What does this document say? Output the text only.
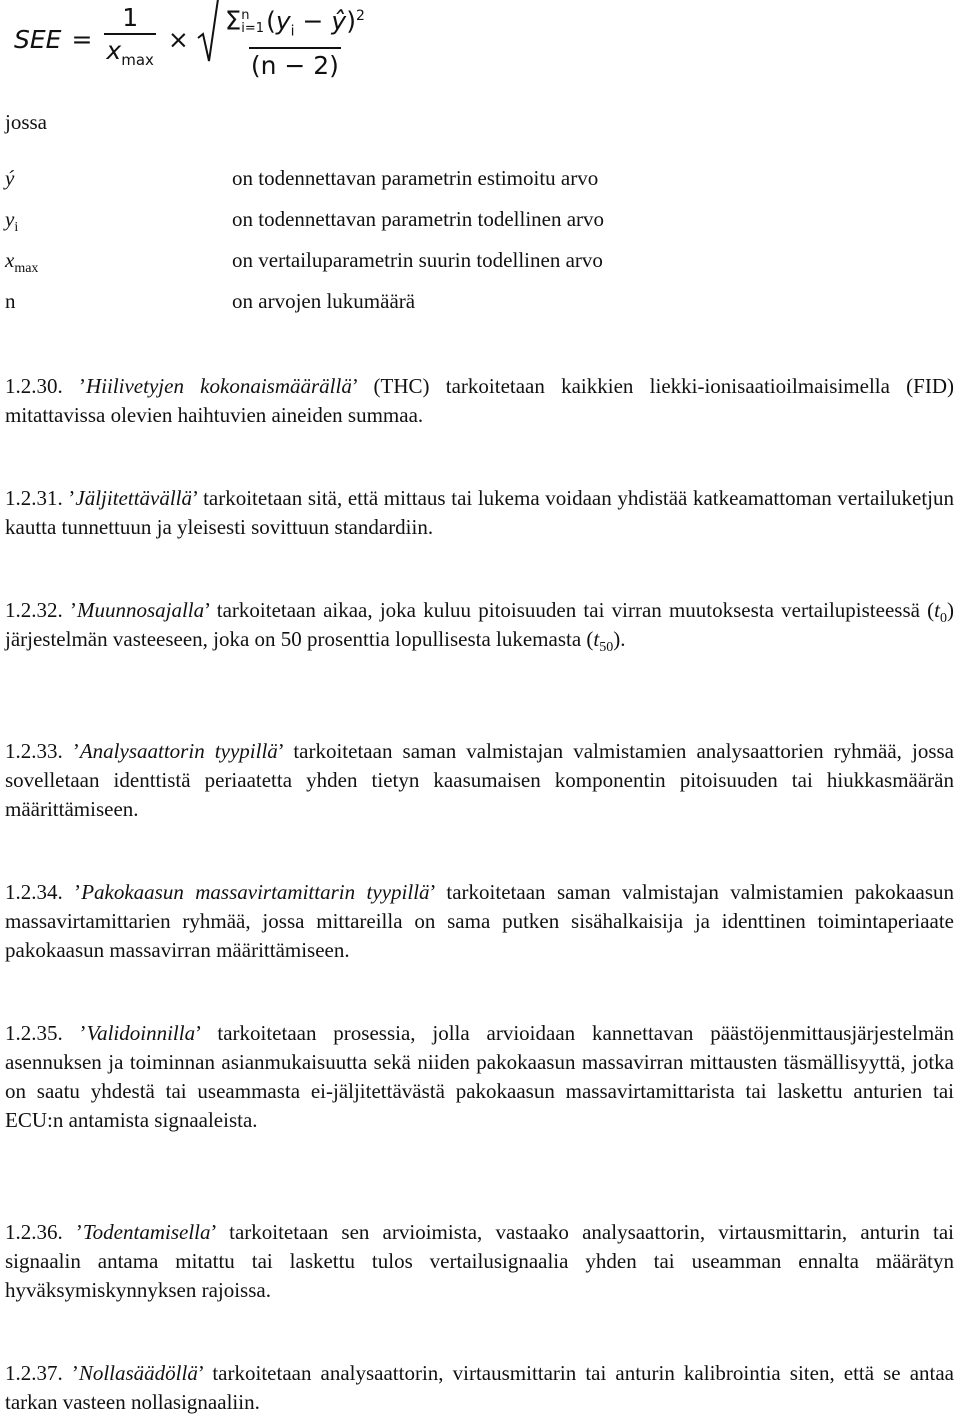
SEE = $\frac{1}{x_{max}} \times \Sigma$ n
i=1 ($y_i$ − ŷ)$^2$
(n − 2)
jossa
ý	on todennettavan parametrin estimoitu arvo
$y_i$	on todennettavan parametrin todellinen arvo
$x_{max}$	on vertailuparametrin suurin todellinen arvo
n	on arvojen lukumäärä
1.2.30. ’Hiilivetyjen kokonaismäärällä’ (THC) tarkoitetaan kaikkien liekki-ionisaatioilmaisimella (FID) mitattavissa olevien haihtuvien aineiden summaa.
1.2.31. ’Jäljitettävällä’ tarkoitetaan sitä, että mittaus tai lukema voidaan yhdistää katkeamattoman vertailuketjun kautta tunnettuun ja yleisesti sovittuun standardiin.
1.2.32. ’Muunnosajalla’ tarkoitetaan aikaa, joka kuluu pitoisuuden tai virran muutoksesta vertailupisteessä $(t_0)$ järjestelmän vasteeseen, joka on 50 prosenttia lopullisesta lukemasta $(t_{50})$.
1.2.33. ’Analysaattorin tyypillä’ tarkoitetaan saman valmistajan valmistamien analysaattorien ryhmää, jossa sovelletaan identtistä periaatetta yhden tietyn kaasumaisen komponentin pitoisuuden tai hiukkasmäärän määrittämiseen.
1.2.34. ’Pakokaasun massavirtamittarin tyypillä’ tarkoitetaan saman valmistajan valmistamien pakokaasun massavirtamittarien ryhmää, jossa mittareilla on sama putken sisähalkaisija ja identtinen toimintaperiaate pakokaasun massavirran määrittämiseen.
1.2.35. ’Validoinnilla’ tarkoitetaan prosessia, jolla arvioidaan kannettavan päästöjenmittausjärjestelmän asennuksen ja toiminnan asianmukaisuutta sekä niiden pakokaasun massavirran mittausten täsmällisyyttä, jotka on saatu yhdestä tai useammasta ei-jäljitettävästä pakokaasun massavirtamittarista tai laskettu anturien tai ECU:n antamista signaaleista.
1.2.36. ’Todentamisella’ tarkoitetaan sen arvioimista, vastaako analysaattorin, virtausmittarin, anturin tai signaalin antama mitattu tai laskettu tulos vertailusignaalia yhden tai useamman ennalta määrätyn hyväksymiskynnyksen rajoissa.
1.2.37. ’Nollasäädöllä’ tarkoitetaan analysaattorin, virtausmittarin tai anturin kalibrointia siten, että se antaa tarkan vasteen nollasignaaliin.
